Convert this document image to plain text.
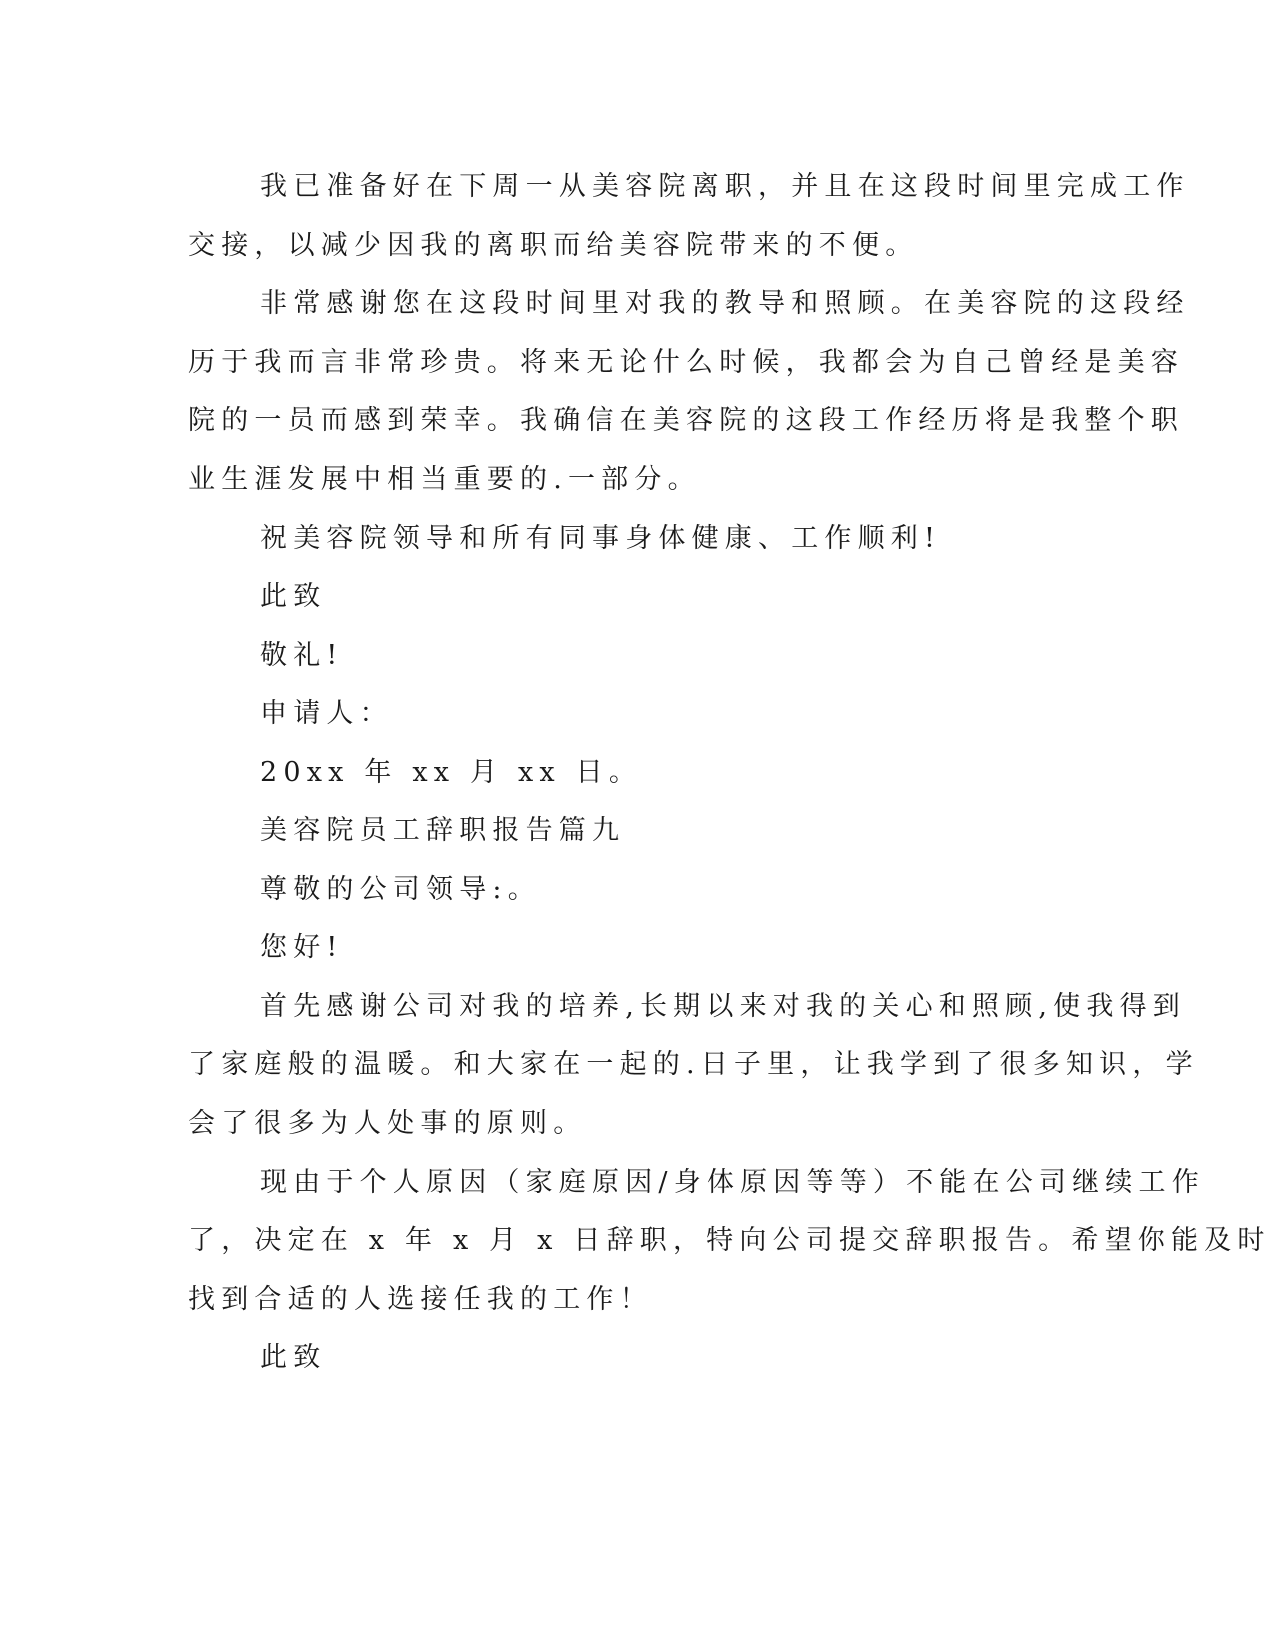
我已准备好在下周一从美容院离职，并且在这段时间里完成工作
交接，以减少因我的离职而给美容院带来的不便。
非常感谢您在这段时间里对我的教导和照顾。在美容院的这段经
历于我而言非常珍贵。将来无论什么时候，我都会为自己曾经是美容
院的一员而感到荣幸。我确信在美容院的这段工作经历将是我整个职
业生涯发展中相当重要的.一部分。
祝美容院领导和所有同事身体健康、工作顺利!
此致
敬礼!
申请人：
20xx 年 xx 月 xx 日。
美容院员工辞职报告篇九
尊敬的公司领导:。
您好!
首先感谢公司对我的培养,长期以来对我的关心和照顾,使我得到
了家庭般的温暖。和大家在一起的.日子里，让我学到了很多知识，学
会了很多为人处事的原则。
现由于个人原因（家庭原因/身体原因等等）不能在公司继续工作
了，决定在 x 年 x 月 x 日辞职，特向公司提交辞职报告。希望你能及时
找到合适的人选接任我的工作！
此致
